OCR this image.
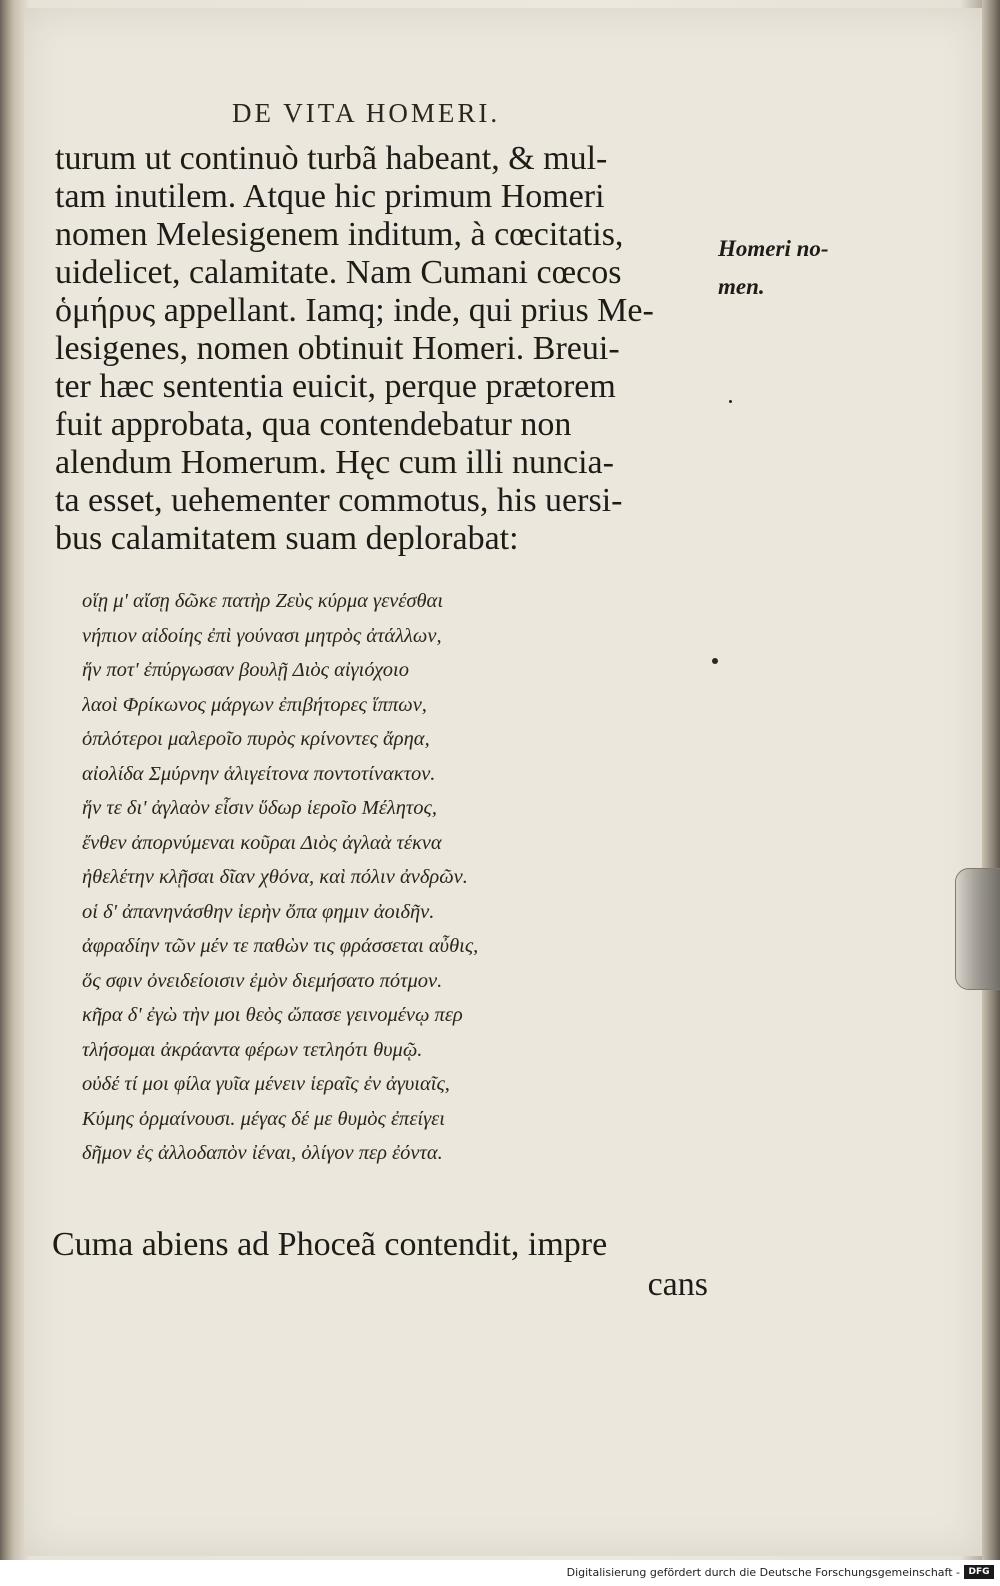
DE VITA HOMERI.
turum ut continuò turbã habeant, & mul-
tam inutilem. Atque hic primum Homeri
nomen Melesigenem inditum, à cœcitatis,
uidelicet, calamitate. Nam Cumani cœcos
ὁμήρυς appellant. Iamq; inde, qui prius Me-
lesigenes, nomen obtinuit Homeri. Breui-
ter hæc sententia euicit, perque prætorem
fuit approbata, qua contendebatur non
alendum Homerum. Hęc cum illi nuncia-
ta esset, uehementer commotus, his uersi-
bus calamitatem suam deplorabat:
Homeri no-
men.
οἵῃ μ' αἴσῃ δῶκε πατὴρ Ζεὺς κύρμα γενέσθαι
νήπιον αἰδοίης ἐπὶ γούνασι μητρὸς ἀτάλλων,
ἥν ποτ' ἐπύργωσαν βουλῇ Διὸς αἰγιόχοιο
λαοὶ Φρίκωνος μάργων ἐπιβήτορες ἵππων,
ὁπλότεροι μαλεροῖο πυρὸς κρίνοντες ἄρηα,
αἰολίδα Σμύρνην ἁλιγείτονα ποντοτίνακτον.
ἥν τε δι' ἀγλαὸν εἶσιν ὕδωρ ἱεροῖο Μέλητος,
ἔνθεν ἀπορνύμεναι κοῦραι Διὸς ἀγλαὰ τέκνα
ἠθελέτην κλῇσαι δῖαν χθόνα, καὶ πόλιν ἀνδρῶν.
οἱ δ' ἀπανηνάσθην ἱερὴν ὄπα φημιν ἀοιδῆν.
ἀφραδίην τῶν μέν τε παθὼν τις φράσσεται αὖθις,
ὅς σφιν ὀνειδείοισιν ἐμὸν διεμήσατο πότμον.
κῆρα δ' ἐγὼ τὴν μοι θεὸς ὤπασε γεινομένῳ περ
τλήσομαι ἀκράαντα φέρων τετληότι θυμῷ.
οὐδέ τί μοι φίλα γυῖα μένειν ἱεραῖς ἐν ἀγυιαῖς,
Κύμης ὁρμαίνουσι. μέγας δέ με θυμὸς ἐπείγει
δῆμον ἐς ἀλλοδαπὸν ἰέναι, ὀλίγον περ ἐόντα.
Cuma abiens ad Phoceã contendit, impre
cans
Digitalisierung gefördert durch die Deutsche Forschungsgemeinschaft - DFG
